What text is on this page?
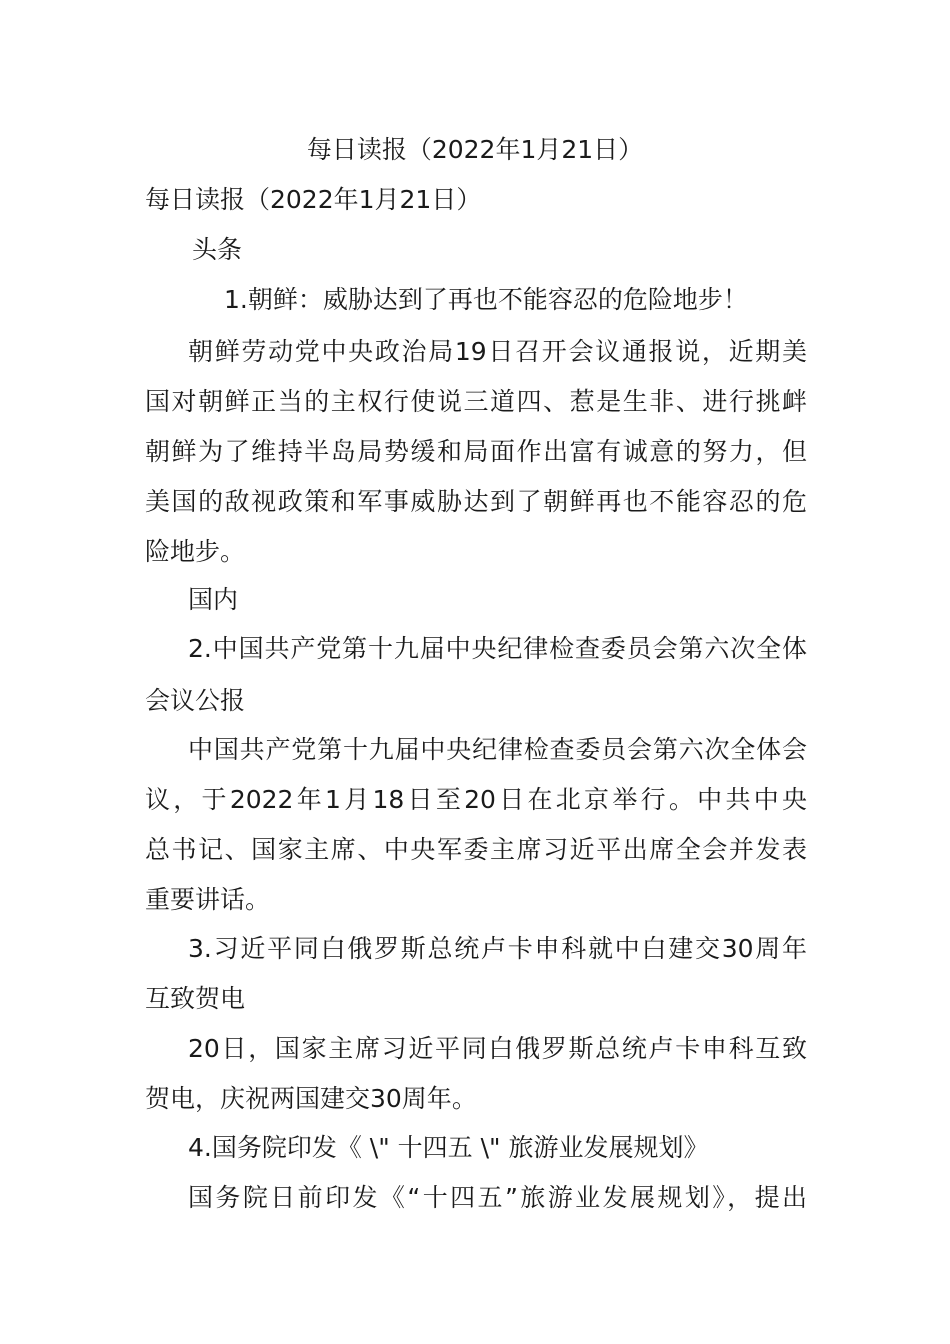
每日读报（2022年1月21日）
每日读报（2022年1月21日）
头条
1.朝鲜：威胁达到了再也不能容忍的危险地步！
朝鲜劳动党中央政治局19日召开会议通报说，近期美
国对朝鲜正当的主权行使说三道四、惹是生非、进行挑衅
朝鲜为了维持半岛局势缓和局面作出富有诚意的努力，但
美国的敌视政策和军事威胁达到了朝鲜再也不能容忍的危
险地步。
国内
2.中国共产党第十九届中央纪律检查委员会第六次全体
会议公报
中国共产党第十九届中央纪律检查委员会第六次全体会
议，于2022年1月18日至20日在北京举行。中共中央
总书记、国家主席、中央军委主席习近平出席全会并发表
重要讲话。
3.习近平同白俄罗斯总统卢卡申科就中白建交30周年
互致贺电
20日，国家主席习近平同白俄罗斯总统卢卡申科互致
贺电，庆祝两国建交30周年。
4.国务院印发《 \" 十四五 \" 旅游业发展规划》
国务院日前印发《“十四五”旅游业发展规划》，提出
